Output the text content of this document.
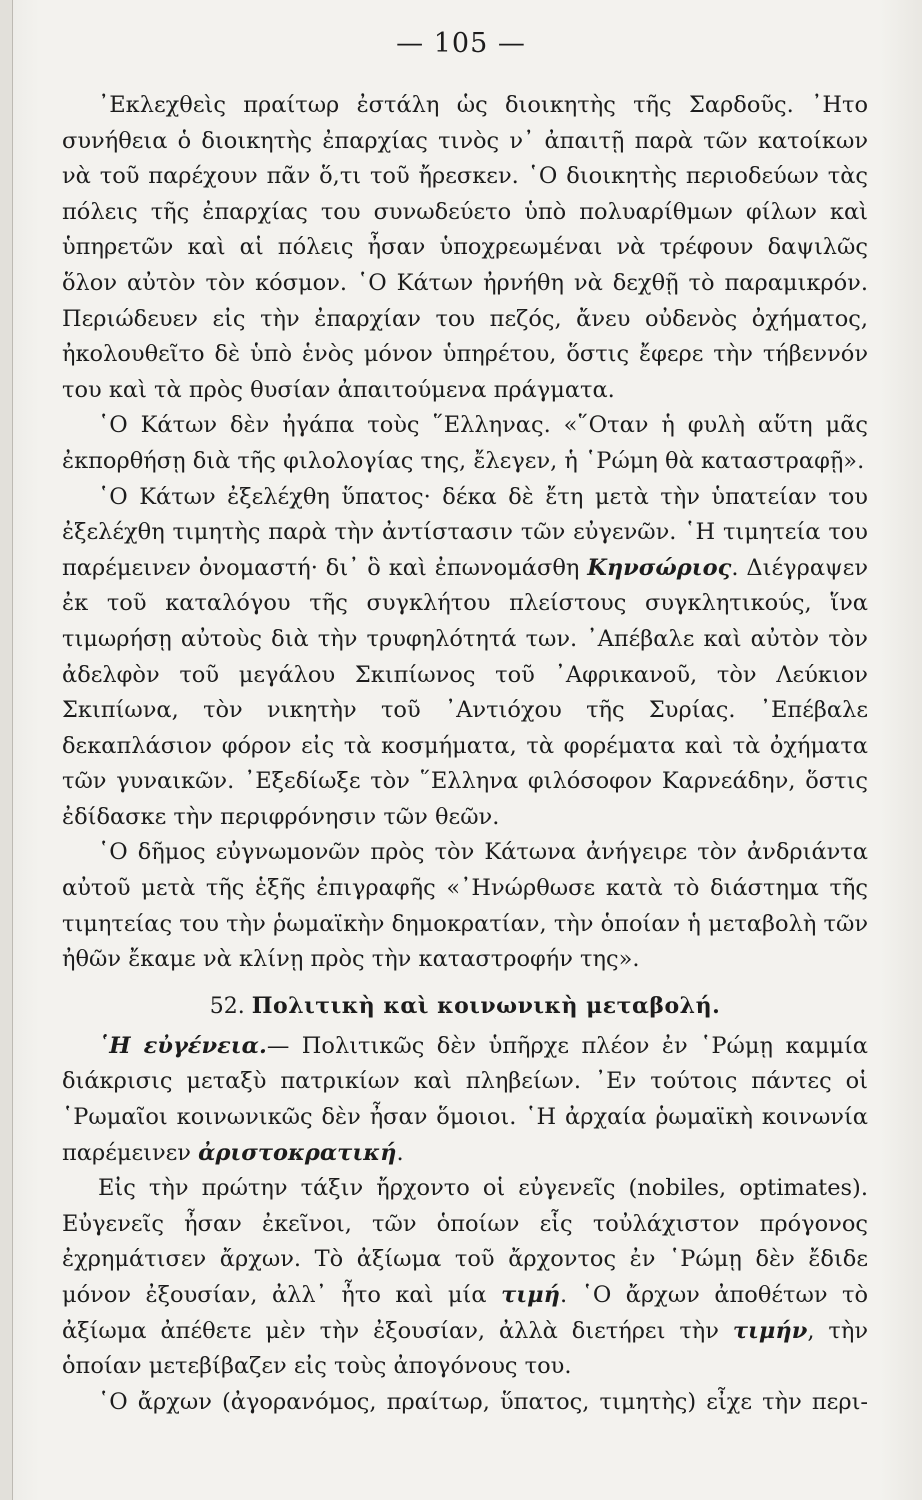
— 105 —

᾿Εκλεχθεὶς πραίτωρ ἐστάλη ὡς διοικητὴς τῆς Σαρδοῦς. ᾿Ητο συνήθεια ὁ διοικητὴς ἐπαρχίας τινὸς ν᾿ ἀπαιτῇ παρὰ τῶν κατοίκων νὰ τοῦ παρέχουν πᾶν ὅ,τι τοῦ ἤρεσκεν. ῾Ο διοικητὴς περιοδεύων τὰς πόλεις τῆς ἐπαρχίας του συνωδεύετο ὑπὸ πολυαρίθμων φίλων καὶ ὑπηρετῶν καὶ αἱ πόλεις ἦσαν ὑποχρεωμέναι νὰ τρέφουν δαψιλῶς ὅλον αὐτὸν τὸν κόσμον. ῾Ο Κάτων ἠρνήθη νὰ δεχθῇ τὸ παραμικρόν. Περιώδευεν εἰς τὴν ἐπαρχίαν του πεζός, ἄνευ οὐδενὸς ὀχήματος, ἠκολουθεῖτο δὲ ὑπὸ ἑνὸς μόνον ὑπηρέτου, ὅστις ἔφερε τὴν τήβεννόν του καὶ τὰ πρὸς θυσίαν ἀπαιτούμενα πράγματα.

῾Ο Κάτων δὲν ἠγάπα τοὺς ῞Ελληνας. «῞Οταν ἡ φυλὴ αὕτη μᾶς ἐκπορθήσῃ διὰ τῆς φιλολογίας της, ἔλεγεν, ἡ ῾Ρώμη θὰ καταστραφῇ».

῾Ο Κάτων ἐξελέχθη ὕπατος· δέκα δὲ ἔτη μετὰ τὴν ὑπατείαν του ἐξελέχθη τιμητὴς παρὰ τὴν ἀντίστασιν τῶν εὐγενῶν. ῾Η τιμητεία του παρέμεινεν ὀνομαστή· δι᾿ ὃ καὶ ἐπωνομάσθη Κηνσώριος. Διέγραψεν ἐκ τοῦ καταλόγου τῆς συγκλήτου πλείστους συγκλητικούς, ἵνα τιμωρήσῃ αὐτοὺς διὰ τὴν τρυφηλότητά των. ᾿Απέβαλε καὶ αὐτὸν τὸν ἀδελφὸν τοῦ μεγάλου Σκιπίωνος τοῦ ᾿Αφρικανοῦ, τὸν Λεύκιον Σκιπίωνα, τὸν νικητὴν τοῦ ᾿Αντιόχου τῆς Συρίας. ᾿Επέβαλε δεκαπλάσιον φόρον εἰς τὰ κοσμήματα, τὰ φορέματα καὶ τὰ ὀχήματα τῶν γυναικῶν. ᾿Εξεδίωξε τὸν ῞Ελληνα φιλόσοφον Καρνεάδην, ὅστις ἐδίδασκε τὴν περιφρόνησιν τῶν θεῶν.

῾Ο δῆμος εὐγνωμονῶν πρὸς τὸν Κάτωνα ἀνήγειρε τὸν ἀνδριάντα αὐτοῦ μετὰ τῆς ἑξῆς ἐπιγραφῆς «᾿Ηνώρθωσε κατὰ τὸ διάστημα τῆς τιμητείας του τὴν ῥωμαϊκὴν δημοκρατίαν, τὴν ὁποίαν ἡ μεταβολὴ τῶν ἠθῶν ἔκαμε νὰ κλίνῃ πρὸς τὴν καταστροφήν της».

52. Πολιτικὴ καὶ κοινωνικὴ μεταβολή.

῾Η εὐγένεια.— Πολιτικῶς δὲν ὑπῆρχε πλέον ἐν ῾Ρώμῃ καμμία διάκρισις μεταξὺ πατρικίων καὶ πληβείων. ᾿Εν τούτοις πάντες οἱ ῾Ρωμαῖοι κοινωνικῶς δὲν ἦσαν ὅμοιοι. ῾Η ἀρχαία ῥωμαϊκὴ κοινωνία παρέμεινεν ἀριστοκρατική.

Εἰς τὴν πρώτην τάξιν ἤρχοντο οἱ εὐγενεῖς (nobiles, optimates). Εὐγενεῖς ἦσαν ἐκεῖνοι, τῶν ὁποίων εἷς τοὐλάχιστον πρόγονος ἐχρημάτισεν ἄρχων. Τὸ ἀξίωμα τοῦ ἄρχοντος ἐν ῾Ρώμῃ δὲν ἔδιδε μόνον ἐξουσίαν, ἀλλ᾿ ἦτο καὶ μία τιμή. ῾Ο ἄρχων ἀποθέτων τὸ ἀξίωμα ἀπέθετε μὲν τὴν ἐξουσίαν, ἀλλὰ διετήρει τὴν τιμήν, τὴν ὁποίαν μετεβίβαζεν εἰς τοὺς ἀπογόνους του.

῾Ο ἄρχων (ἀγορανόμος, πραίτωρ, ὕπατος, τιμητὴς) εἶχε τὴν περι-
